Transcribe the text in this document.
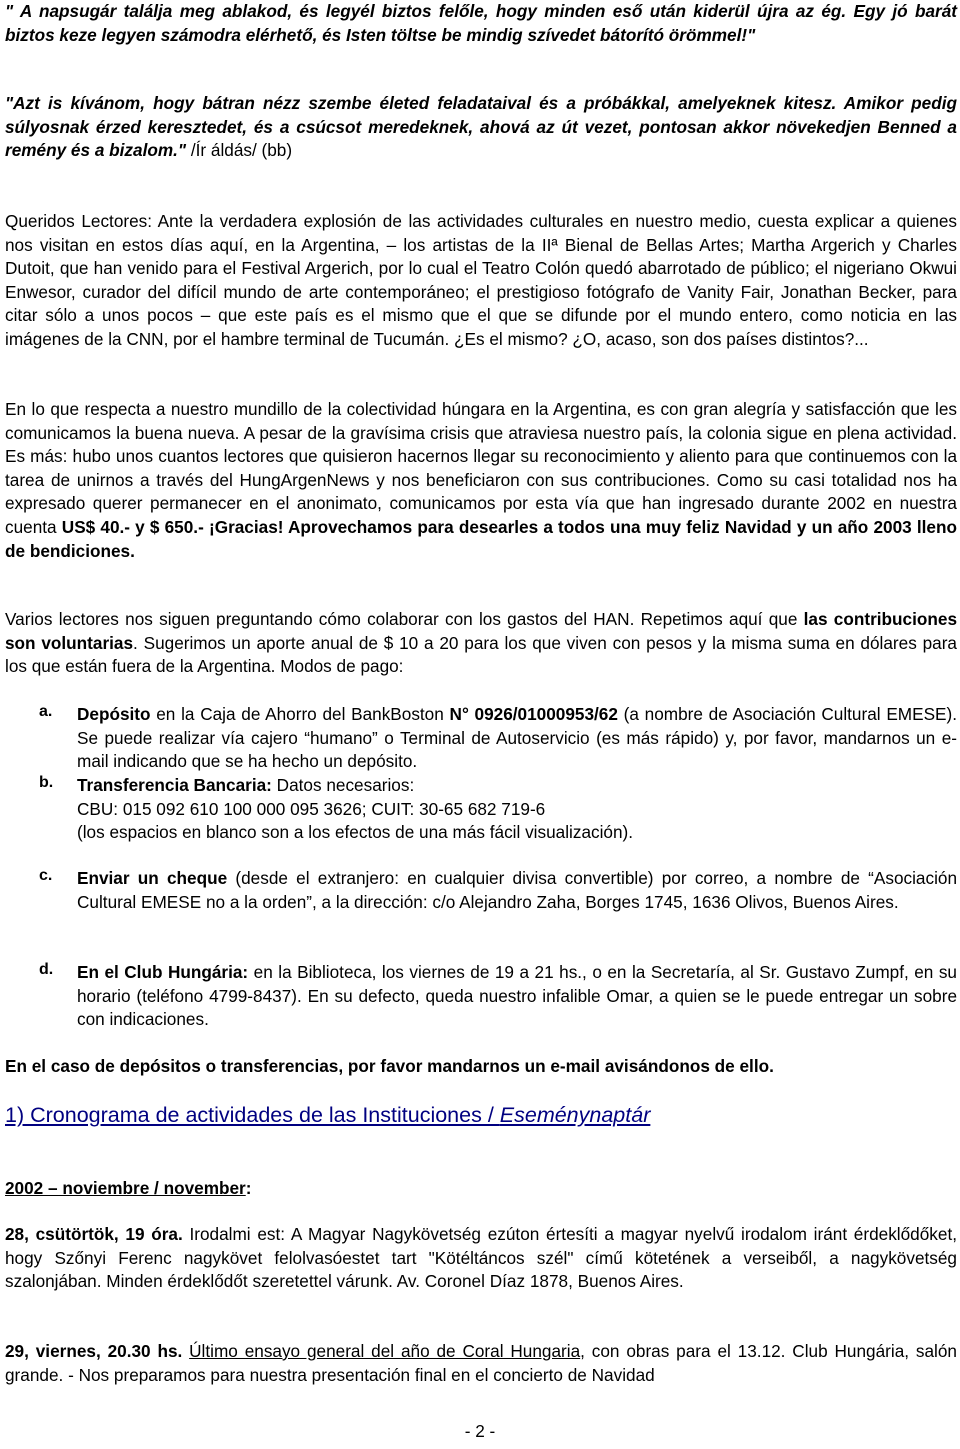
" A napsugár találja meg ablakod, és legyél biztos felőle, hogy minden eső után kiderül újra az ég. Egy jó barát biztos keze legyen számodra elérhető, és Isten töltse be mindig szívedet bátorító örömmel!"

"Azt is kívánom, hogy bátran nézz szembe életed feladataival és a próbákkal, amelyeknek kitesz. Amikor pedig súlyosnak érzed keresztedet, és a csúcsot meredeknek, ahová az út vezet, pontosan akkor növekedjen Benned a remény és a bizalom." /Ír áldás/ (bb)

Queridos Lectores: Ante la verdadera explosión de las actividades culturales en nuestro medio, cuesta explicar a quienes nos visitan en estos días aquí, en la Argentina, – los artistas de la IIª Bienal de Bellas Artes; Martha Argerich y Charles Dutoit, que han venido para el Festival Argerich, por lo cual el Teatro Colón quedó abarrotado de público; el nigeriano Okwui Enwesor, curador del difícil mundo de arte contemporáneo; el prestigioso fotógrafo de Vanity Fair, Jonathan Becker, para citar sólo a unos pocos – que este país es el mismo que el que se difunde por el mundo entero, como noticia en las imágenes de la CNN, por el hambre terminal de Tucumán. ¿Es el mismo? ¿O, acaso, son dos países distintos?...

En lo que respecta a nuestro mundillo de la colectividad húngara en la Argentina, es con gran alegría y satisfacción que les comunicamos la buena nueva. A pesar de la gravísima crisis que atraviesa nuestro país, la colonia sigue en plena actividad. Es más: hubo unos cuantos lectores que quisieron hacernos llegar su reconocimiento y aliento para que continuemos con la tarea de unirnos a través del HungArgenNews y nos beneficiaron con sus contribuciones. Como su casi totalidad nos ha expresado querer permanecer en el anonimato, comunicamos por esta vía que han ingresado durante 2002 en nuestra cuenta US$ 40.- y $ 650.- ¡Gracias! Aprovechamos para desearles a todos una muy feliz Navidad y un año 2003 lleno de bendiciones.

Varios lectores nos siguen preguntando cómo colaborar con los gastos del HAN. Repetimos aquí que las contribuciones son voluntarias. Sugerimos un aporte anual de $ 10 a 20 para los que viven con pesos y la misma suma en dólares para los que están fuera de la Argentina. Modos de pago:

a. Depósito en la Caja de Ahorro del BankBoston N° 0926/01000953/62 (a nombre de Asociación Cultural EMESE). Se puede realizar vía cajero “humano” o Terminal de Autoservicio (es más rápido) y, por favor, mandarnos un e-mail indicando que se ha hecho un depósito.

b. Transferencia Bancaria: Datos necesarios:

CBU: 015 092 610 100 000 095 3626; CUIT: 30-65 682 719-6

(los espacios en blanco son a los efectos de una más fácil visualización).

c. Enviar un cheque (desde el extranjero: en cualquier divisa convertible) por correo, a nombre de “Asociación Cultural EMESE no a la orden”, a la dirección: c/o Alejandro Zaha, Borges 1745, 1636 Olivos, Buenos Aires.

d. En el Club Hungária: en la Biblioteca, los viernes de 19 a 21 hs., o en la Secretaría, al Sr. Gustavo Zumpf, en su horario (teléfono 4799-8437). En su defecto, queda nuestro infalible Omar, a quien se le puede entregar un sobre con indicaciones.

En el caso de depósitos o transferencias, por favor mandarnos un e-mail avisándonos de ello.

1) Cronograma de actividades de las Instituciones / Eseménynaptár

2002 – noviembre / november:

28, csütörtök, 19 óra. Irodalmi est: A Magyar Nagykövetség ezúton értesíti a magyar nyelvű irodalom iránt érdeklődőket, hogy Szőnyi Ferenc nagykövet felolvasóestet tart "Kötéltáncos szél" című kötetének a verseiből, a nagykövetség szalonjában. Minden érdeklődőt szeretettel várunk. Av. Coronel Díaz 1878, Buenos Aires.

29, viernes, 20.30 hs. Último ensayo general del año de Coral Hungaria, con obras para el 13.12. Club Hungária, salón grande. - Nos preparamos para nuestra presentación final en el concierto de Navidad

- 2 -
